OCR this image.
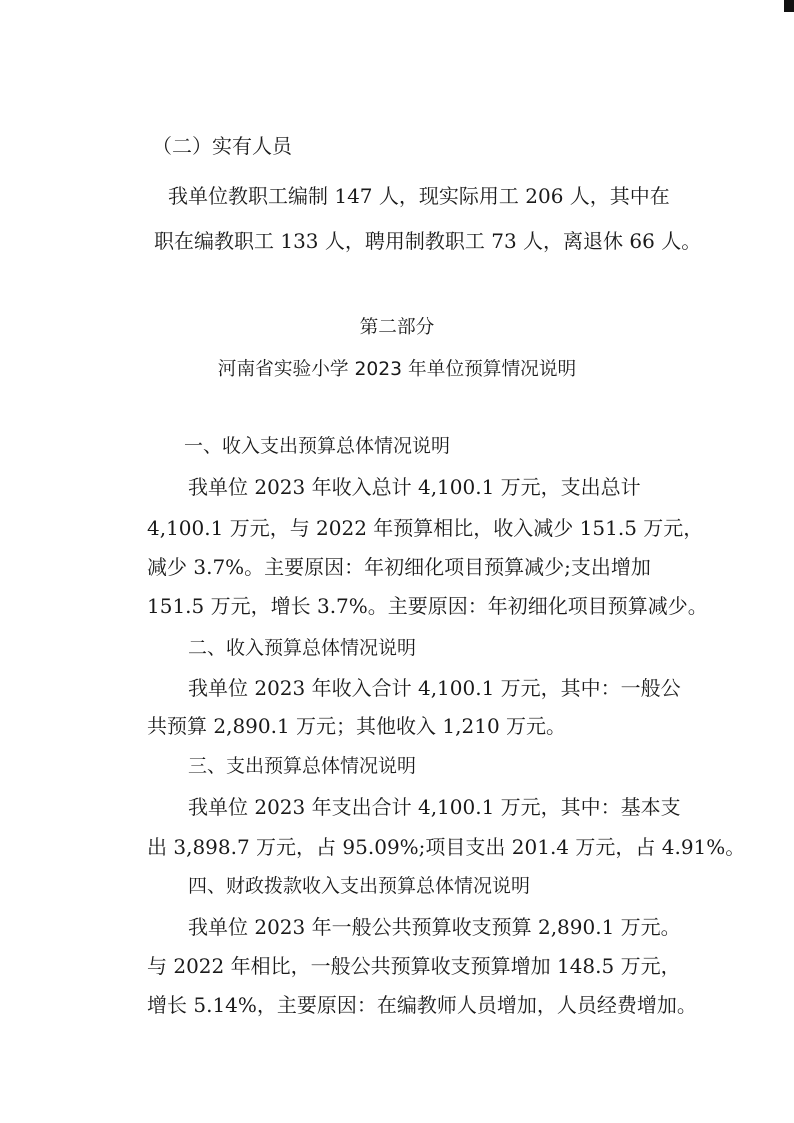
（二）实有人员
我单位教职工编制 147 人，现实际用工 206 人，其中在
职在编教职工 133 人，聘用制教职工 73 人，离退休 66 人。
第二部分
河南省实验小学 2023 年单位预算情况说明
一、收入支出预算总体情况说明
我单位 2023 年收入总计 4,100.1 万元，支出总计
4,100.1 万元，与 2022 年预算相比，收入减少 151.5 万元，
减少 3.7%。主要原因：年初细化项目预算减少;支出增加
151.5 万元，增长 3.7%。主要原因：年初细化项目预算减少。
二、收入预算总体情况说明
我单位 2023 年收入合计 4,100.1 万元，其中：一般公
共预算 2,890.1 万元；其他收入 1,210 万元。
三、支出预算总体情况说明
我单位 2023 年支出合计 4,100.1 万元，其中：基本支
出 3,898.7 万元，占 95.09%;项目支出 201.4 万元，占 4.91%。
四、财政拨款收入支出预算总体情况说明
我单位 2023 年一般公共预算收支预算 2,890.1 万元。
与 2022 年相比，一般公共预算收支预算增加 148.5 万元，
增长 5.14%，主要原因：在编教师人员增加，人员经费增加。
